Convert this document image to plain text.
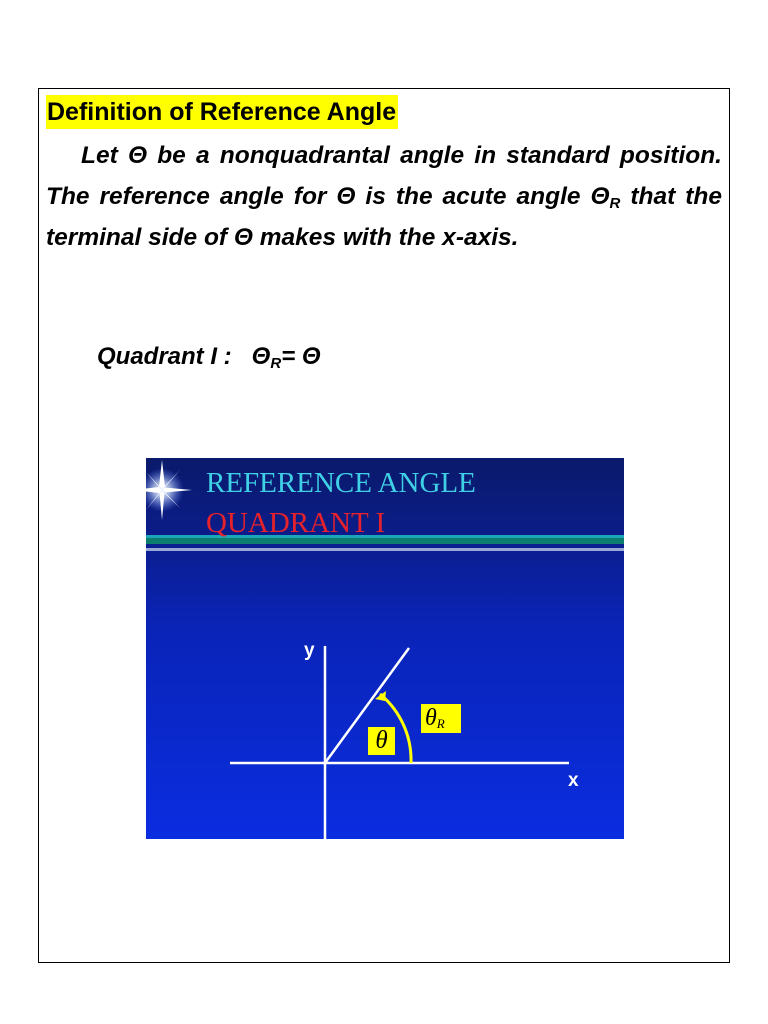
Definition of Reference Angle
Let Θ be a nonquadrantal angle in standard position. The reference angle for Θ is the acute angle $\Theta_R$ that the terminal side of Θ makes with the x-axis.
Quadrant I :   $\Theta_R= \Theta$
REFERENCE ANGLE
QUADRANT I
y
x
$\theta_R$
θ
